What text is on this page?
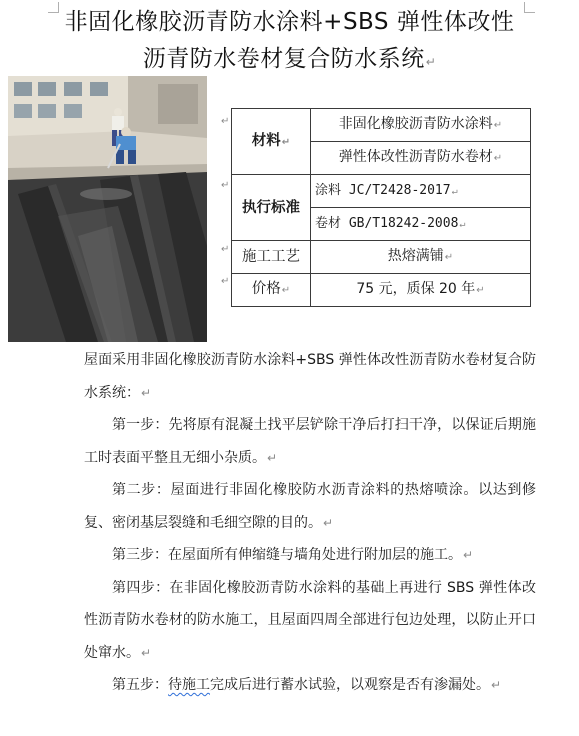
非固化橡胶沥青防水涂料+SBS 弹性体改性
沥青防水卷材复合防水系统↵
↵
↵
↵
↵
材料↵	非固化橡胶沥青防水涂料↵
	弹性体改性沥青防水卷材↵
执行标准	涂料 JC/T2428-2017↵
	卷材 GB/T18242-2008↵
施工工艺	热熔满铺↵
价格↵	75 元，质保 20 年↵

屋面采用非固化橡胶沥青防水涂料+SBS 弹性体改性沥青防水卷材复合防水系统：↵

第一步：先将原有混凝土找平层铲除干净后打扫干净，以保证后期施工时表面平整且无细小杂质。↵

第二步：屋面进行非固化橡胶防水沥青涂料的热熔喷涂。以达到修复、密闭基层裂缝和毛细空隙的目的。↵

第三步：在屋面所有伸缩缝与墙角处进行附加层的施工。↵

第四步：在非固化橡胶沥青防水涂料的基础上再进行 SBS 弹性体改性沥青防水卷材的防水施工，且屋面四周全部进行包边处理，以防止开口处窜水。↵

第五步：待施工完成后进行蓄水试验，以观察是否有渗漏处。↵
